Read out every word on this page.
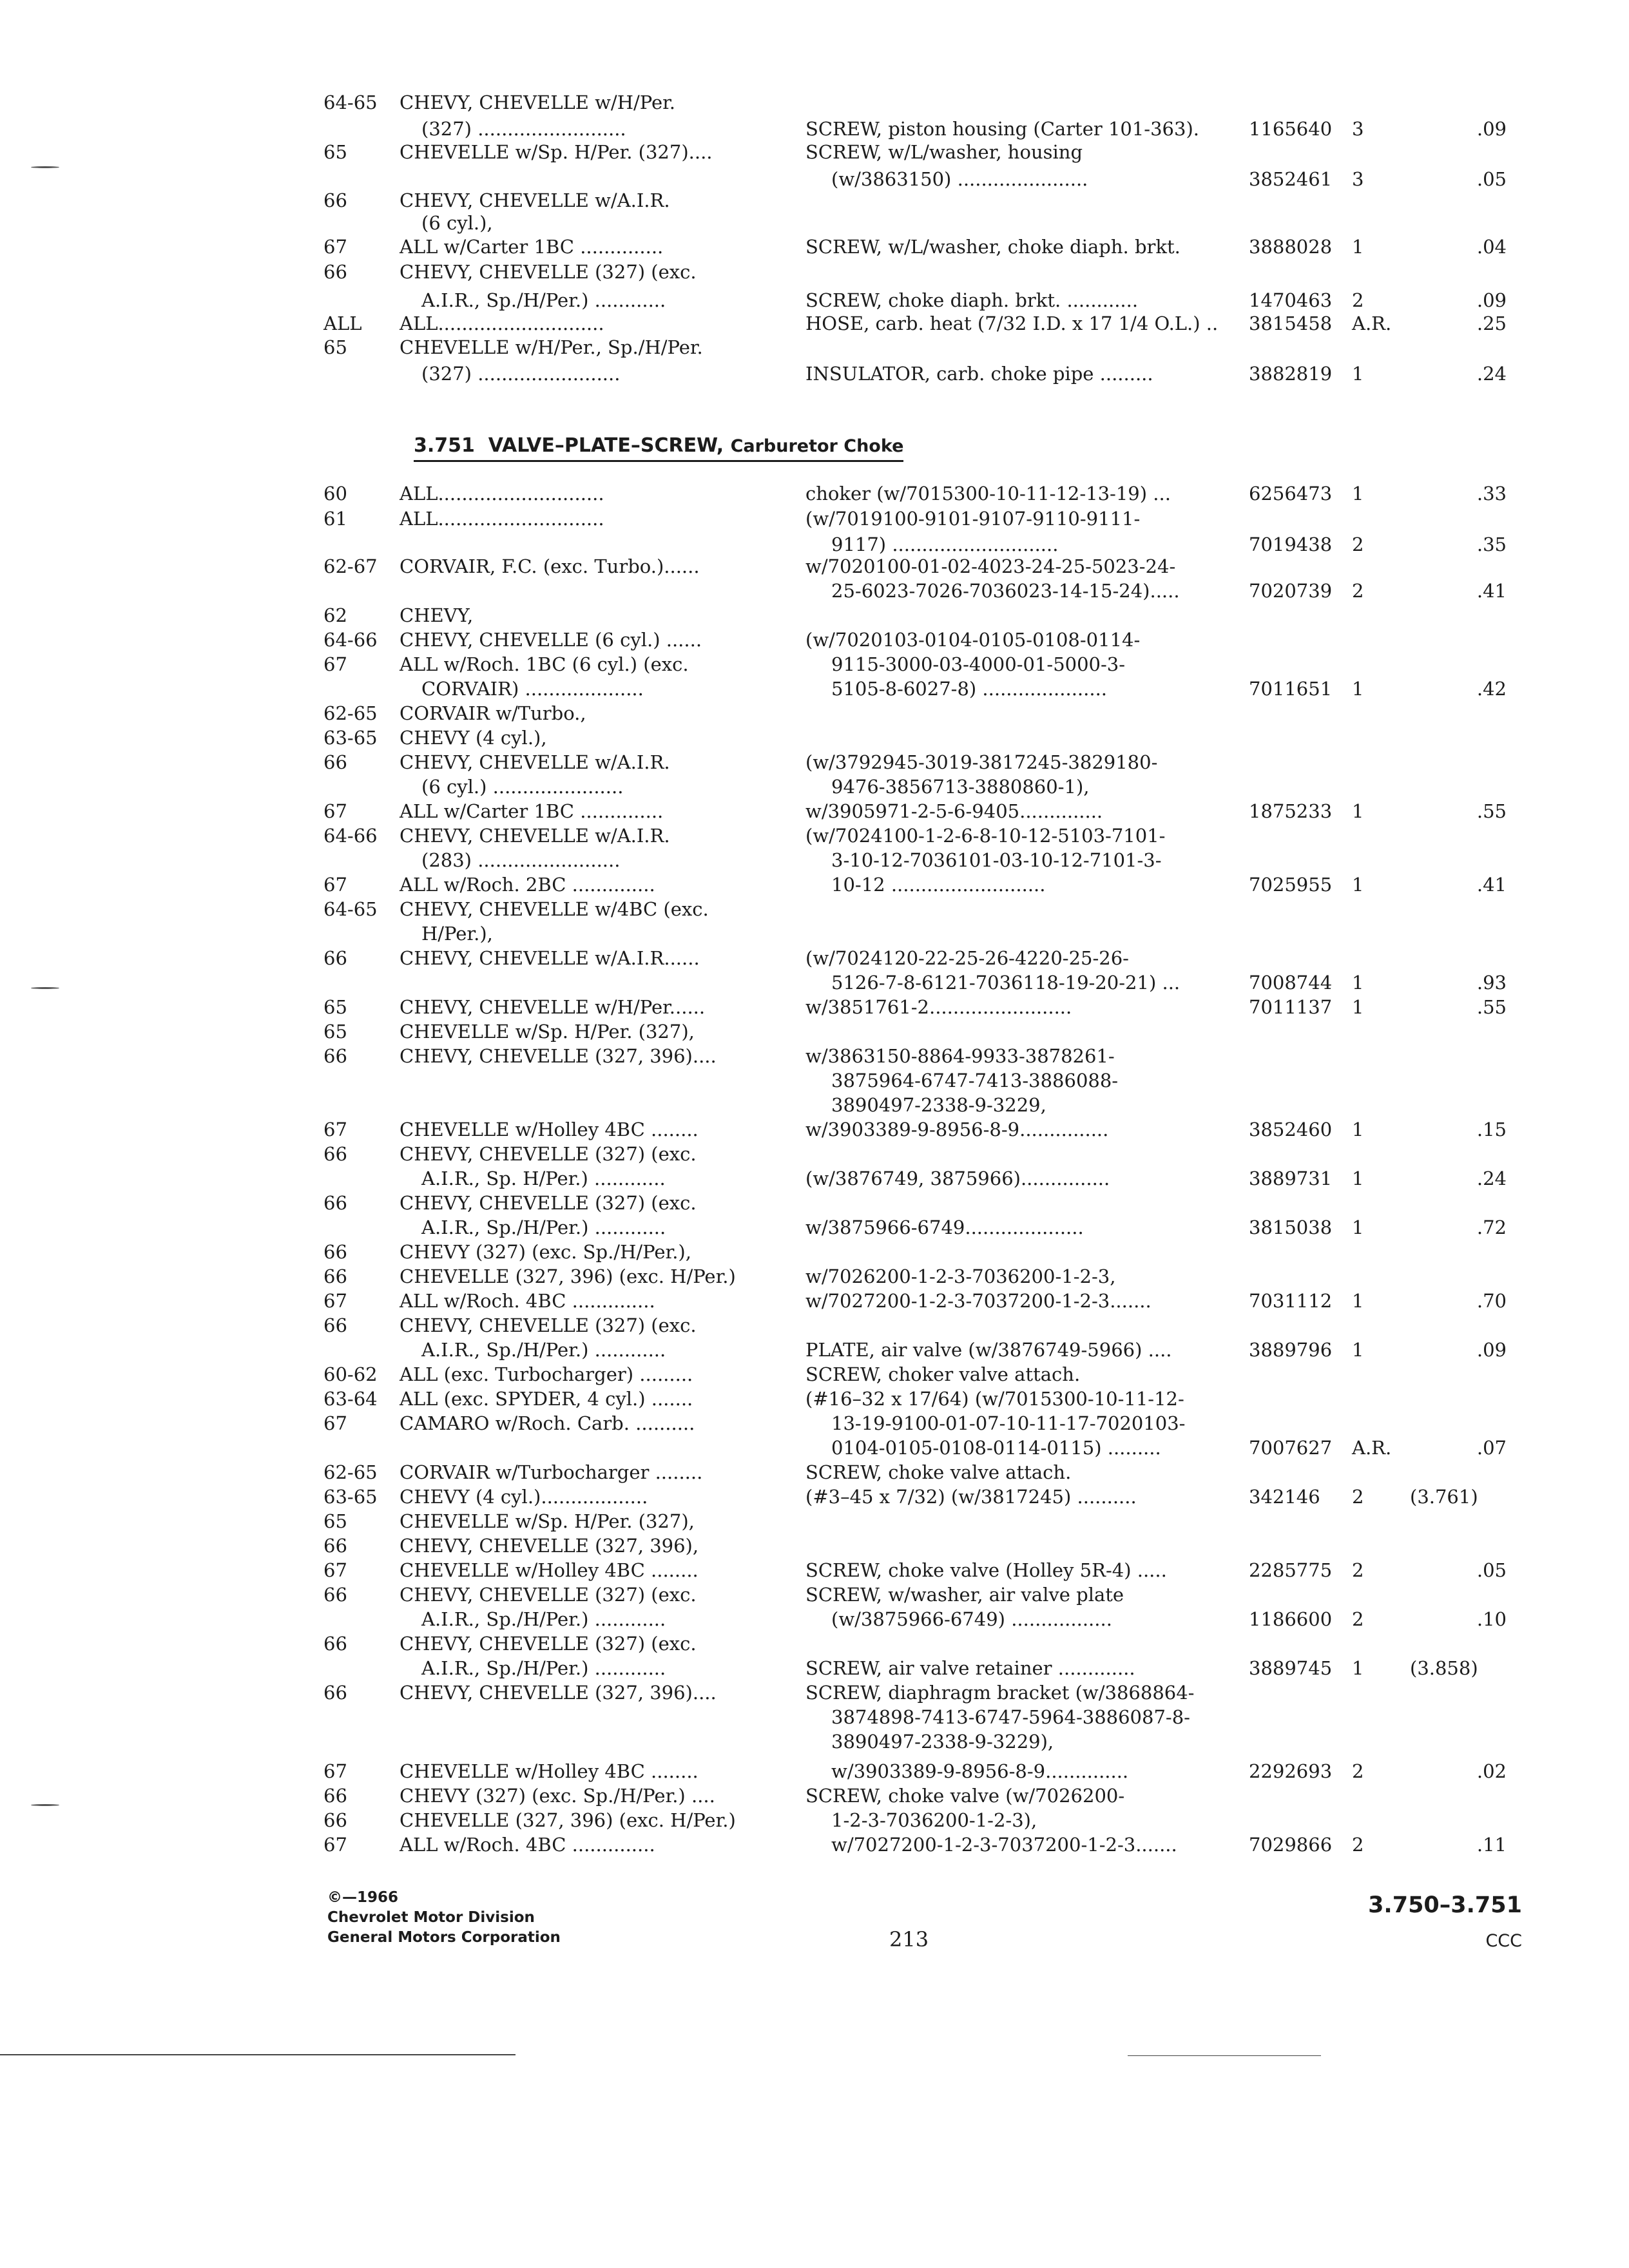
3.751 VALVE–PLATE–SCREW, Carburetor Choke
64-65	CHEVY, CHEVELLE w/H/Per.
(327) .........................	SCREW, piston housing (Carter 101-363).	1165640	3	.09
65	CHEVELLE w/Sp. H/Per. (327)....	SCREW, w/L/washer, housing
(w/3863150) ......................	3852461	3	.05
66	CHEVY, CHEVELLE w/A.I.R.
(6 cyl.),
67	ALL w/Carter 1BC ..............	SCREW, w/L/washer, choke diaph. brkt.	3888028	1	.04
66	CHEVY, CHEVELLE (327) (exc.
A.I.R., Sp./H/Per.) ............	SCREW, choke diaph. brkt. ............	1470463	2	.09
ALL	ALL............................	HOSE, carb. heat (7/32 I.D. x 17 1/4 O.L.) ..	3815458	A.R.	.25
65	CHEVELLE w/H/Per., Sp./H/Per.
(327) ........................	INSULATOR, carb. choke pipe .........	3882819	1	.24
60	ALL............................	choker (w/7015300-10-11-12-13-19) ...	6256473	1	.33
61	ALL............................	(w/7019100-9101-9107-9110-9111-
9117) ............................	7019438	2	.35
62-67	CORVAIR, F.C. (exc. Turbo.)......	w/7020100-01-02-4023-24-25-5023-24-
25-6023-7026-7036023-14-15-24).....	7020739	2	.41
62	CHEVY,
64-66	CHEVY, CHEVELLE (6 cyl.) ......	(w/7020103-0104-0105-0108-0114-
67	ALL w/Roch. 1BC (6 cyl.) (exc.	9115-3000-03-4000-01-5000-3-
CORVAIR) ....................	5105-8-6027-8) .....................	7011651	1	.42
62-65	CORVAIR w/Turbo.,
63-65	CHEVY (4 cyl.),
66	CHEVY, CHEVELLE w/A.I.R.	(w/3792945-3019-3817245-3829180-
(6 cyl.) ......................	9476-3856713-3880860-1),
67	ALL w/Carter 1BC ..............	w/3905971-2-5-6-9405..............	1875233	1	.55
64-66	CHEVY, CHEVELLE w/A.I.R.	(w/7024100-1-2-6-8-10-12-5103-7101-
(283) ........................	3-10-12-7036101-03-10-12-7101-3-
67	ALL w/Roch. 2BC ..............	10-12 ..........................	7025955	1	.41
64-65	CHEVY, CHEVELLE w/4BC (exc.
H/Per.),
66	CHEVY, CHEVELLE w/A.I.R......	(w/7024120-22-25-26-4220-25-26-
5126-7-8-6121-7036118-19-20-21) ...	7008744	1	.93
65	CHEVY, CHEVELLE w/H/Per......	w/3851761-2........................	7011137	1	.55
65	CHEVELLE w/Sp. H/Per. (327),
66	CHEVY, CHEVELLE (327, 396)....	w/3863150-8864-9933-3878261-
3875964-6747-7413-3886088-
3890497-2338-9-3229,
67	CHEVELLE w/Holley 4BC ........	w/3903389-9-8956-8-9...............	3852460	1	.15
66	CHEVY, CHEVELLE (327) (exc.
A.I.R., Sp. H/Per.) ............	(w/3876749, 3875966)...............	3889731	1	.24
66	CHEVY, CHEVELLE (327) (exc.
A.I.R., Sp./H/Per.) ............	w/3875966-6749....................	3815038	1	.72
66	CHEVY (327) (exc. Sp./H/Per.),
66	CHEVELLE (327, 396) (exc. H/Per.)	w/7026200-1-2-3-7036200-1-2-3,
67	ALL w/Roch. 4BC ..............	w/7027200-1-2-3-7037200-1-2-3.......	7031112	1	.70
66	CHEVY, CHEVELLE (327) (exc.
A.I.R., Sp./H/Per.) ............	PLATE, air valve (w/3876749-5966) ....	3889796	1	.09
60-62	ALL (exc. Turbocharger) .........	SCREW, choker valve attach.
63-64	ALL (exc. SPYDER, 4 cyl.) .......	(#16–32 x 17/64) (w/7015300-10-11-12-
67	CAMARO w/Roch. Carb. ..........	13-19-9100-01-07-10-11-17-7020103-
0104-0105-0108-0114-0115) .........	7007627	A.R.	.07
62-65	CORVAIR w/Turbocharger ........	SCREW, choke valve attach.
63-65	CHEVY (4 cyl.)..................	(#3–45 x 7/32) (w/3817245) ..........	342146	2	(3.761)
65	CHEVELLE w/Sp. H/Per. (327),
66	CHEVY, CHEVELLE (327, 396),
67	CHEVELLE w/Holley 4BC ........	SCREW, choke valve (Holley 5R-4) .....	2285775	2	.05
66	CHEVY, CHEVELLE (327) (exc.	SCREW, w/washer, air valve plate
A.I.R., Sp./H/Per.) ............	(w/3875966-6749) .................	1186600	2	.10
66	CHEVY, CHEVELLE (327) (exc.
A.I.R., Sp./H/Per.) ............	SCREW, air valve retainer .............	3889745	1	(3.858)
66	CHEVY, CHEVELLE (327, 396)....	SCREW, diaphragm bracket (w/3868864-
3874898-7413-6747-5964-3886087-8-
3890497-2338-9-3229),
67	CHEVELLE w/Holley 4BC ........	w/3903389-9-8956-8-9..............	2292693	2	.02
66	CHEVY (327) (exc. Sp./H/Per.) ....	SCREW, choke valve (w/7026200-
66	CHEVELLE (327, 396) (exc. H/Per.)	1-2-3-7036200-1-2-3),
67	ALL w/Roch. 4BC ..............	w/7027200-1-2-3-7037200-1-2-3.......	7029866	2	.11
©—1966
Chevrolet Motor Division
General Motors Corporation	213
3.750–3.751
CCC
